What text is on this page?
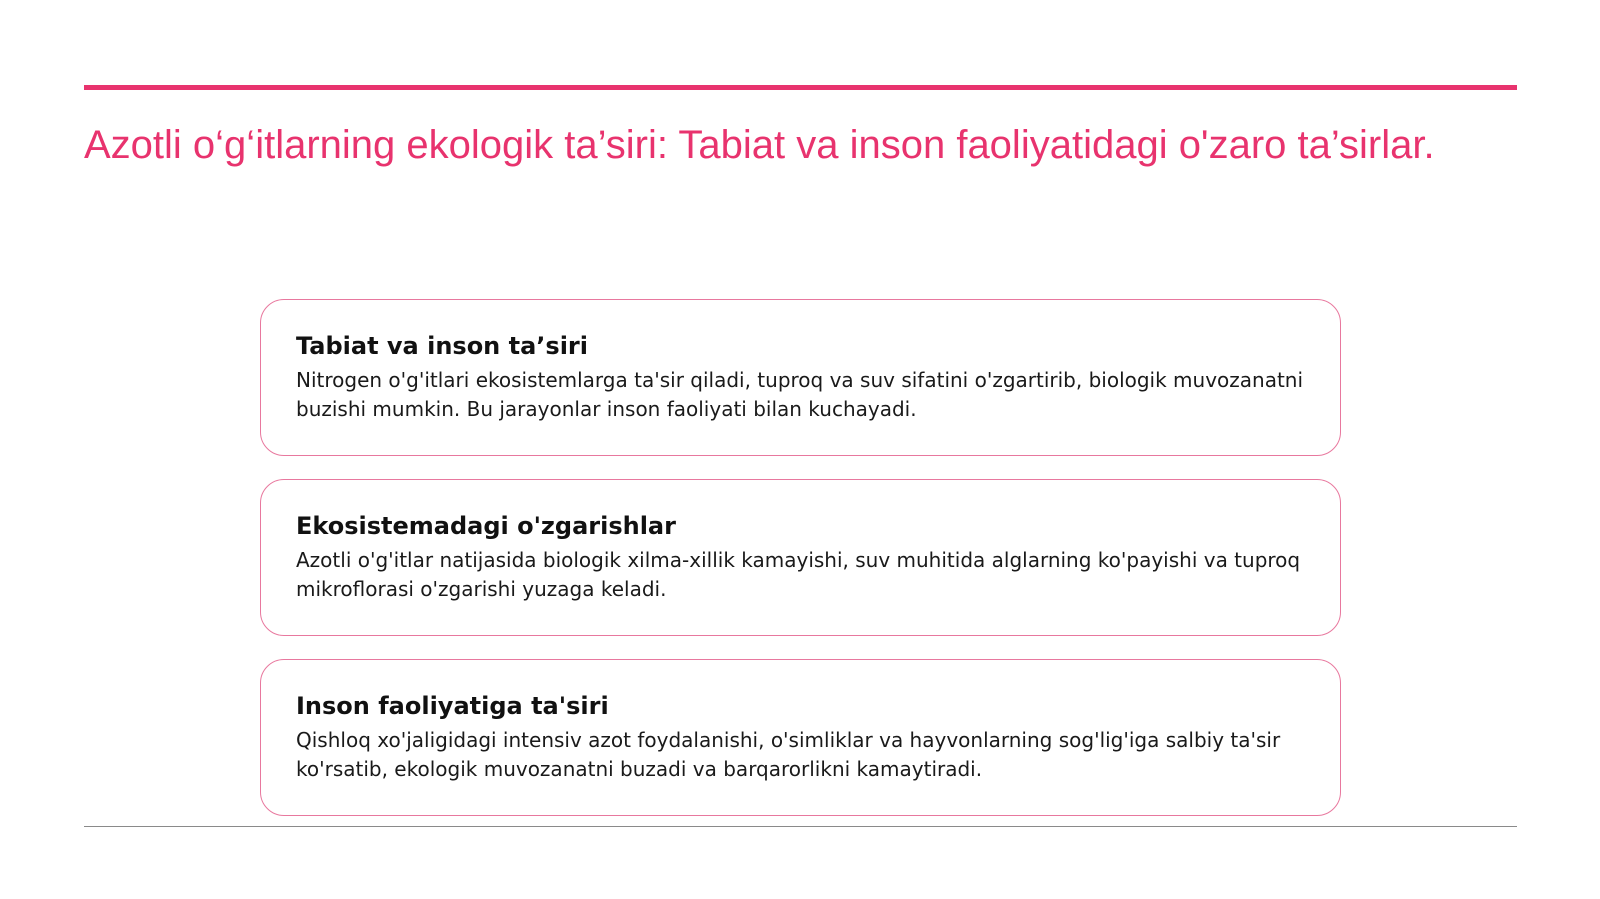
Azotli o‘g‘itlarning ekologik ta’siri: Tabiat va inson faoliyatidagi o'zaro ta’sirlar.
Tabiat va inson ta’siri

Nitrogen o'g'itlari ekosistemlarga ta'sir qiladi, tuproq va suv sifatini o'zgartirib, biologik muvozanatni buzishi mumkin. Bu jarayonlar inson faoliyati bilan kuchayadi.

Ekosistemadagi o'zgarishlar

Azotli o'g'itlar natijasida biologik xilma-xillik kamayishi, suv muhitida alglarning ko'payishi va tuproq mikroflorasi o'zgarishi yuzaga keladi.

Inson faoliyatiga ta'siri

Qishloq xo'jaligidagi intensiv azot foydalanishi, o'simliklar va hayvonlarning sog'lig'iga salbiy ta'sir ko'rsatib, ekologik muvozanatni buzadi va barqarorlikni kamaytiradi.
